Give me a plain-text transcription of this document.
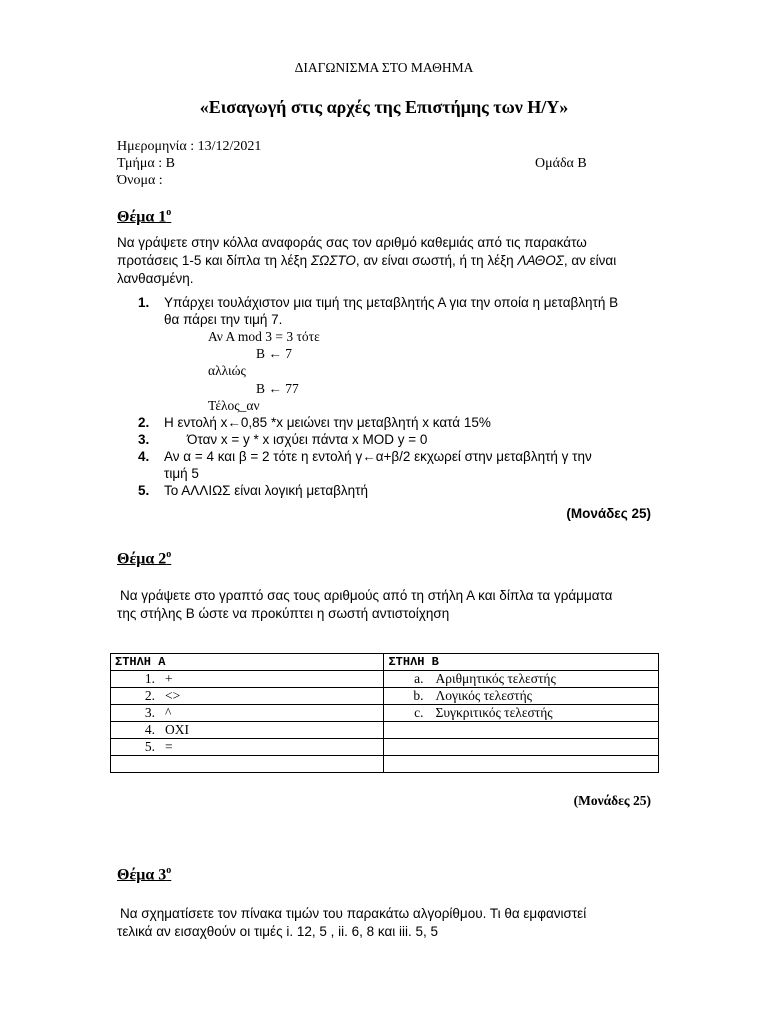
ΔΙΑΓΩΝΙΣΜΑ ΣΤΟ ΜΑΘΗΜΑ
«Εισαγωγή στις αρχές της Επιστήμης των Η/Υ»
Ημερομηνία : 13/12/2021
Τμήμα : Β	Ομάδα Β
Όνομα :
Θέμα $1^o$
Να γράψετε στην κόλλα αναφοράς σας τον αριθμό καθεμιάς από τις παρακάτω
προτάσεις 1-5 και δίπλα τη λέξη ΣΩΣΤΟ, αν είναι σωστή, ή τη λέξη ΛΑΘΟΣ, αν είναι
λανθασμένη.
1. Υπάρχει τουλάχιστον μια τιμή της μεταβλητής Α για την οποία η μεταβλητή Β
θα πάρει την τιμή 7.
Αν Α mod 3 = 3 τότε
Β ← 7
αλλιώς
Β ← 77
Τέλος_αν
2. Η εντολή x←0,85 *x μειώνει την μεταβλητή x κατά 15%
3.	Όταν x = y * x ισχύει πάντα x MOD y = 0
4. Αν α = 4 και β = 2 τότε η εντολή γ←α+β/2 εκχωρεί στην μεταβλητή γ την
τιμή 5
5. Το ΑΛΛΙΩΣ είναι λογική μεταβλητή
(Μονάδες 25)
Θέμα $2^o$
Να γράψετε στο γραπτό σας τους αριθμούς από τη στήλη Α και δίπλα τα γράμματα
της στήλης Β ώστε να προκύπτει η σωστή αντιστοίχηση
ΣΤΗΛΗ Α	ΣΤΗΛΗ Β
1. +	a. Αριθμητικός τελεστής
2. <>	b. Λογικός τελεστής
3. ^	c. Συγκριτικός τελεστής
4. ΟΧΙ	
5. =	

(Μονάδες 25)
Θέμα $3^o$
Να σχηματίσετε τον πίνακα τιμών του παρακάτω αλγορίθμου. Τι θα εμφανιστεί
τελικά αν εισαχθούν οι τιμές i. 12, 5 , ii. 6, 8 και iii. 5, 5
